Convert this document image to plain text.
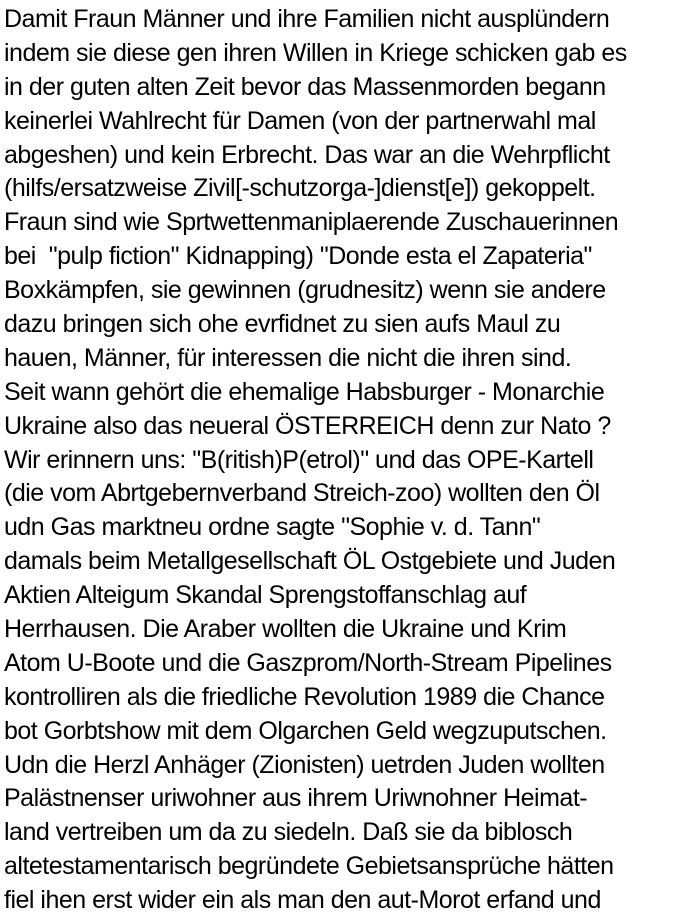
Damit Fraun Männer und ihre Familien nicht ausplündern
indem sie diese gen ihren Willen in Kriege schicken gab es
in der guten alten Zeit bevor das Massenmorden begann
keinerlei Wahlrecht für Damen (von der partnerwahl mal
abgeshen) und kein Erbrecht. Das war an die Wehrpflicht
(hilfs/ersatzweise Zivil[-schutzorga-]dienst[e]) gekoppelt.
Fraun sind wie Sprtwettenmaniplaerende Zuschauerinnen
bei  "pulp fiction" Kidnapping) "Donde esta el Zapateria"
Boxkämpfen, sie gewinnen (grudnesitz) wenn sie andere
dazu bringen sich ohe evrfidnet zu sien aufs Maul zu
hauen, Männer, für interessen die nicht die ihren sind.
Seit wann gehört die ehemalige Habsburger - Monarchie
Ukraine also das neueral ÖSTERREICH denn zur Nato ?
Wir erinnern uns: "B(ritish)P(etrol)" und das OPE-Kartell
(die vom Abrtgebernverband Streich-zoo) wollten den Öl
udn Gas marktneu ordne sagte "Sophie v. d. Tann"
damals beim Metallgesellschaft ÖL Ostgebiete und Juden
Aktien Alteigum Skandal Sprengstoffanschlag auf
Herrhausen. Die Araber wollten die Ukraine und Krim
Atom U-Boote und die Gaszprom/North-Stream Pipelines
kontrolliren als die friedliche Revolution 1989 die Chance
bot Gorbtshow mit dem Olgarchen Geld wegzuputschen.
Udn die Herzl Anhäger (Zionisten) uetrden Juden wollten
Palästnenser uriwohner aus ihrem Uriwnohner Heimat-
land vertreiben um da zu siedeln. Daß sie da biblosch
altetestamentarisch begründete Gebietsansprüche hätten
fiel ihen erst wider ein als man den aut-Morot erfand und
